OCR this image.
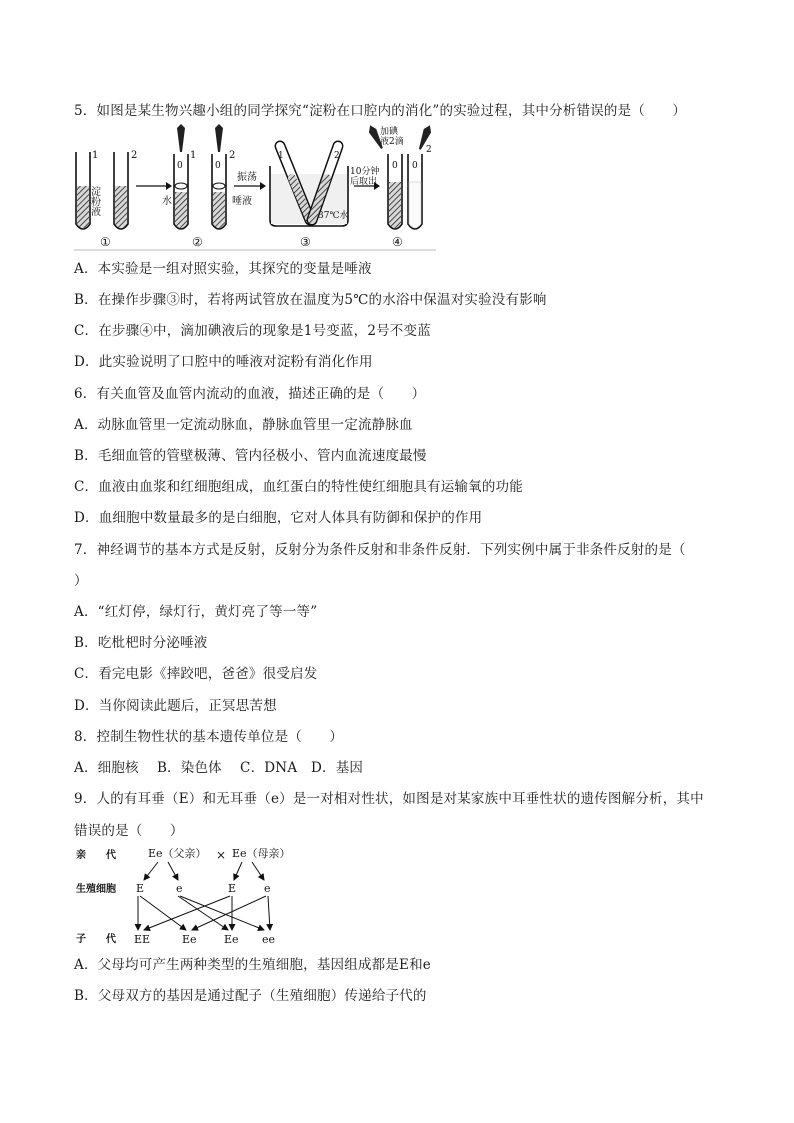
5．如图是某生物兴趣小组的同学探究“淀粉在口腔内的消化”的实验过程，其中分析错误的是（　　）
1	2
淀粉液
0	0
1	2
水	唾液
振荡
1	2
37℃水
10分钟
后取出
0 0
加碘
液2滴
2
①	②	③	④
A．本实验是一组对照实验，其探究的变量是唾液
B．在操作步骤③时，若将两试管放在温度为5℃的水浴中保温对实验没有影响
C．在步骤④中，滴加碘液后的现象是1号变蓝，2号不变蓝
D．此实验说明了口腔中的唾液对淀粉有消化作用
6．有关血管及血管内流动的血液，描述正确的是（　　）
A．动脉血管里一定流动脉血，静脉血管里一定流静脉血
B．毛细血管的管壁极薄、管内径极小、管内血流速度最慢
C．血液由血浆和红细胞组成，血红蛋白的特性使红细胞具有运输氧的功能
D．血细胞中数量最多的是白细胞，它对人体具有防御和保护的作用
7．神经调节的基本方式是反射，反射分为条件反射和非条件反射．下列实例中属于非条件反射的是（
）
A．“红灯停，绿灯行，黄灯亮了等一等”
B．吃枇杷时分泌唾液
C．看完电影《摔跤吧，爸爸》很受启发
D．当你阅读此题后，正冥思苦想
8．控制生物性状的基本遗传单位是（　　）
A．细胞核　 B．染色体　 C．DNA　D．基因
9．人的有耳垂（E）和无耳垂（e）是一对相对性状，如图是对某家族中耳垂性状的遗传图解分析，其中
错误的是（　　）
亲　　代
生殖细胞
子　　代
Ee（父亲） × Ee（母亲）
E	e	E	e
EE	Ee Ee ee
A．父母均可产生两种类型的生殖细胞，基因组成都是E和e
B．父母双方的基因是通过配子（生殖细胞）传递给子代的
